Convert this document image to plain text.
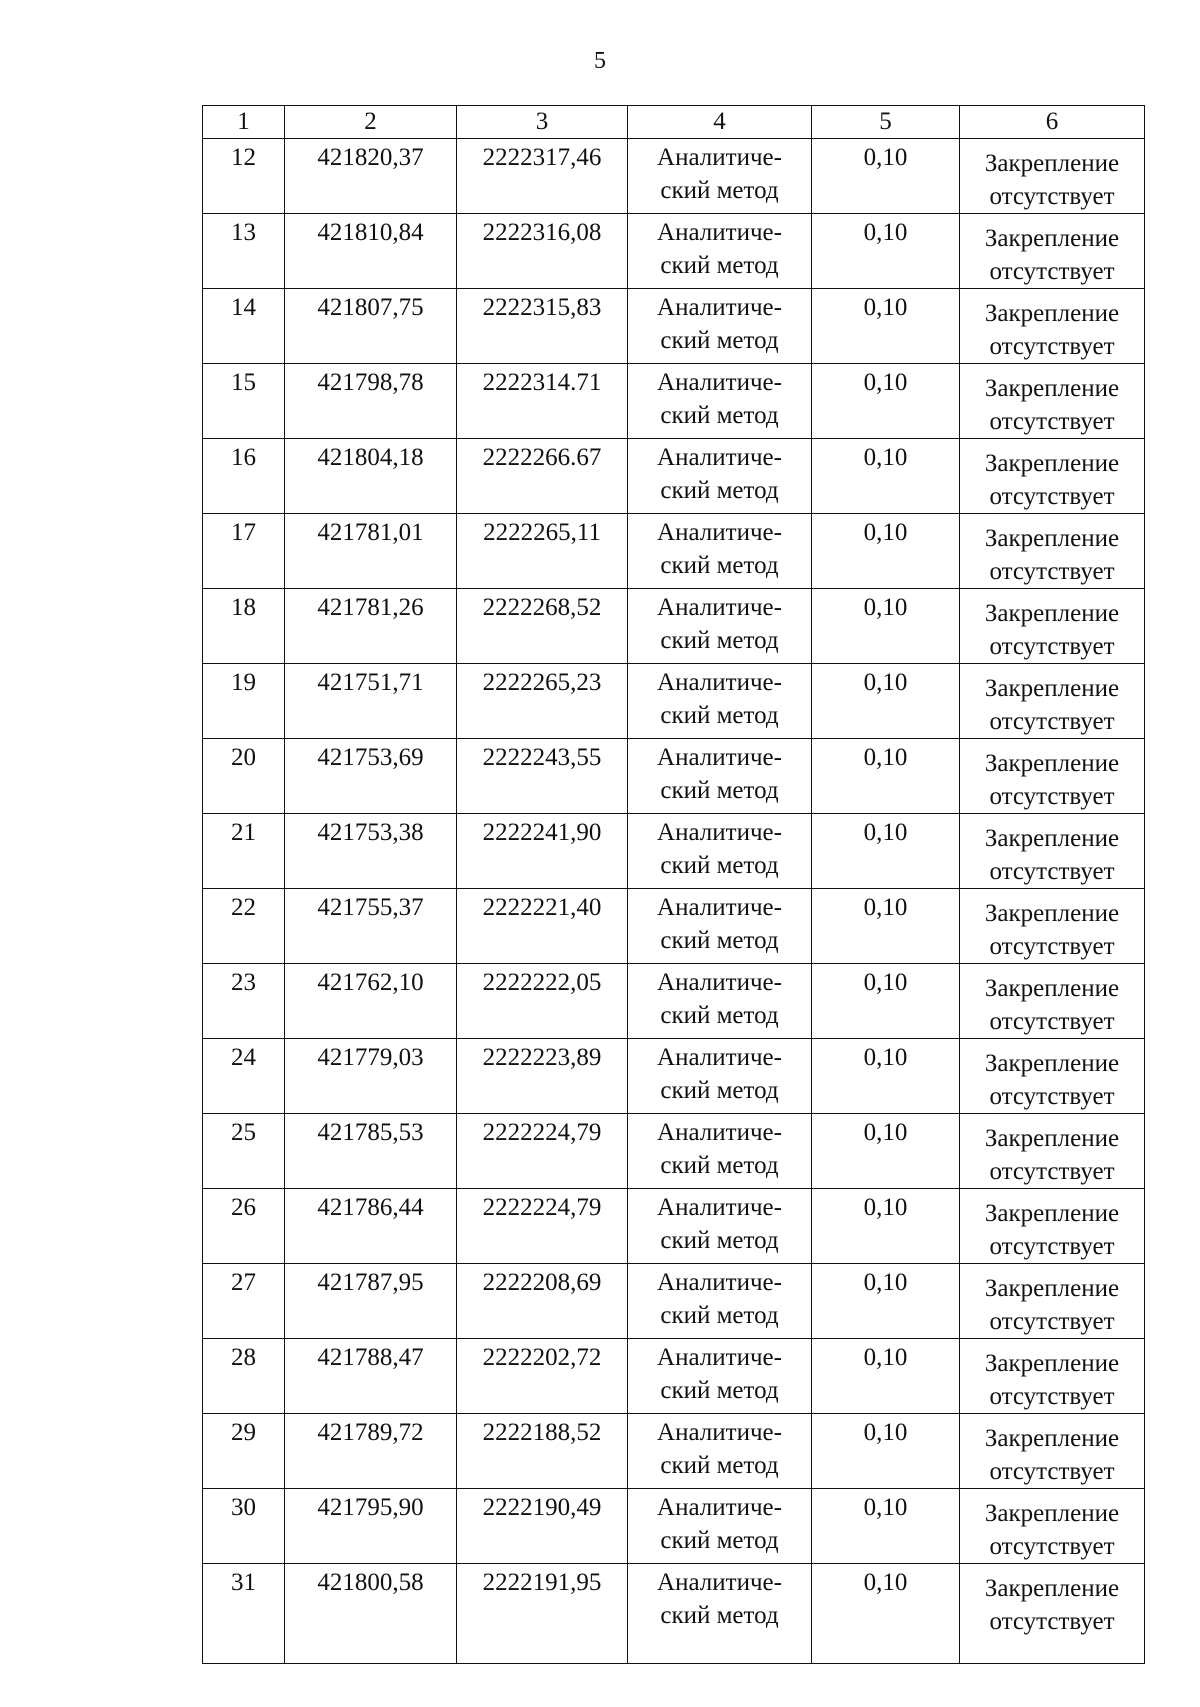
5
1	2	3	4	5	6
12	421820,37	2222317,46	Аналитиче-
ский метод	0,10	Закрепление
отсутствует

13	421810,84	2222316,08	Аналитиче-
ский метод	0,10	Закрепление
отсутствует

14	421807,75	2222315,83	Аналитиче-
ский метод	0,10	Закрепление
отсутствует

15	421798,78	2222314.71	Аналитиче-
ский метод	0,10	Закрепление
отсутствует

16	421804,18	2222266.67	Аналитиче-
ский метод	0,10	Закрепление
отсутствует

17	421781,01	2222265,11	Аналитиче-
ский метод	0,10	Закрепление
отсутствует

18	421781,26	2222268,52	Аналитиче-
ский метод	0,10	Закрепление
отсутствует

19	421751,71	2222265,23	Аналитиче-
ский метод	0,10	Закрепление
отсутствует

20	421753,69	2222243,55	Аналитиче-
ский метод	0,10	Закрепление
отсутствует

21	421753,38	2222241,90	Аналитиче-
ский метод	0,10	Закрепление
отсутствует

22	421755,37	2222221,40	Аналитиче-
ский метод	0,10	Закрепление
отсутствует

23	421762,10	2222222,05	Аналитиче-
ский метод	0,10	Закрепление
отсутствует

24	421779,03	2222223,89	Аналитиче-
ский метод	0,10	Закрепление
отсутствует

25	421785,53	2222224,79	Аналитиче-
ский метод	0,10	Закрепление
отсутствует

26	421786,44	2222224,79	Аналитиче-
ский метод	0,10	Закрепление
отсутствует

27	421787,95	2222208,69	Аналитиче-
ский метод	0,10	Закрепление
отсутствует

28	421788,47	2222202,72	Аналитиче-
ский метод	0,10	Закрепление
отсутствует

29	421789,72	2222188,52	Аналитиче-
ский метод	0,10	Закрепление
отсутствует

30	421795,90	2222190,49	Аналитиче-
ский метод	0,10	Закрепление
отсутствует

31	421800,58	2222191,95	Аналитиче-
ский метод	0,10	Закрепление
отсутствует
